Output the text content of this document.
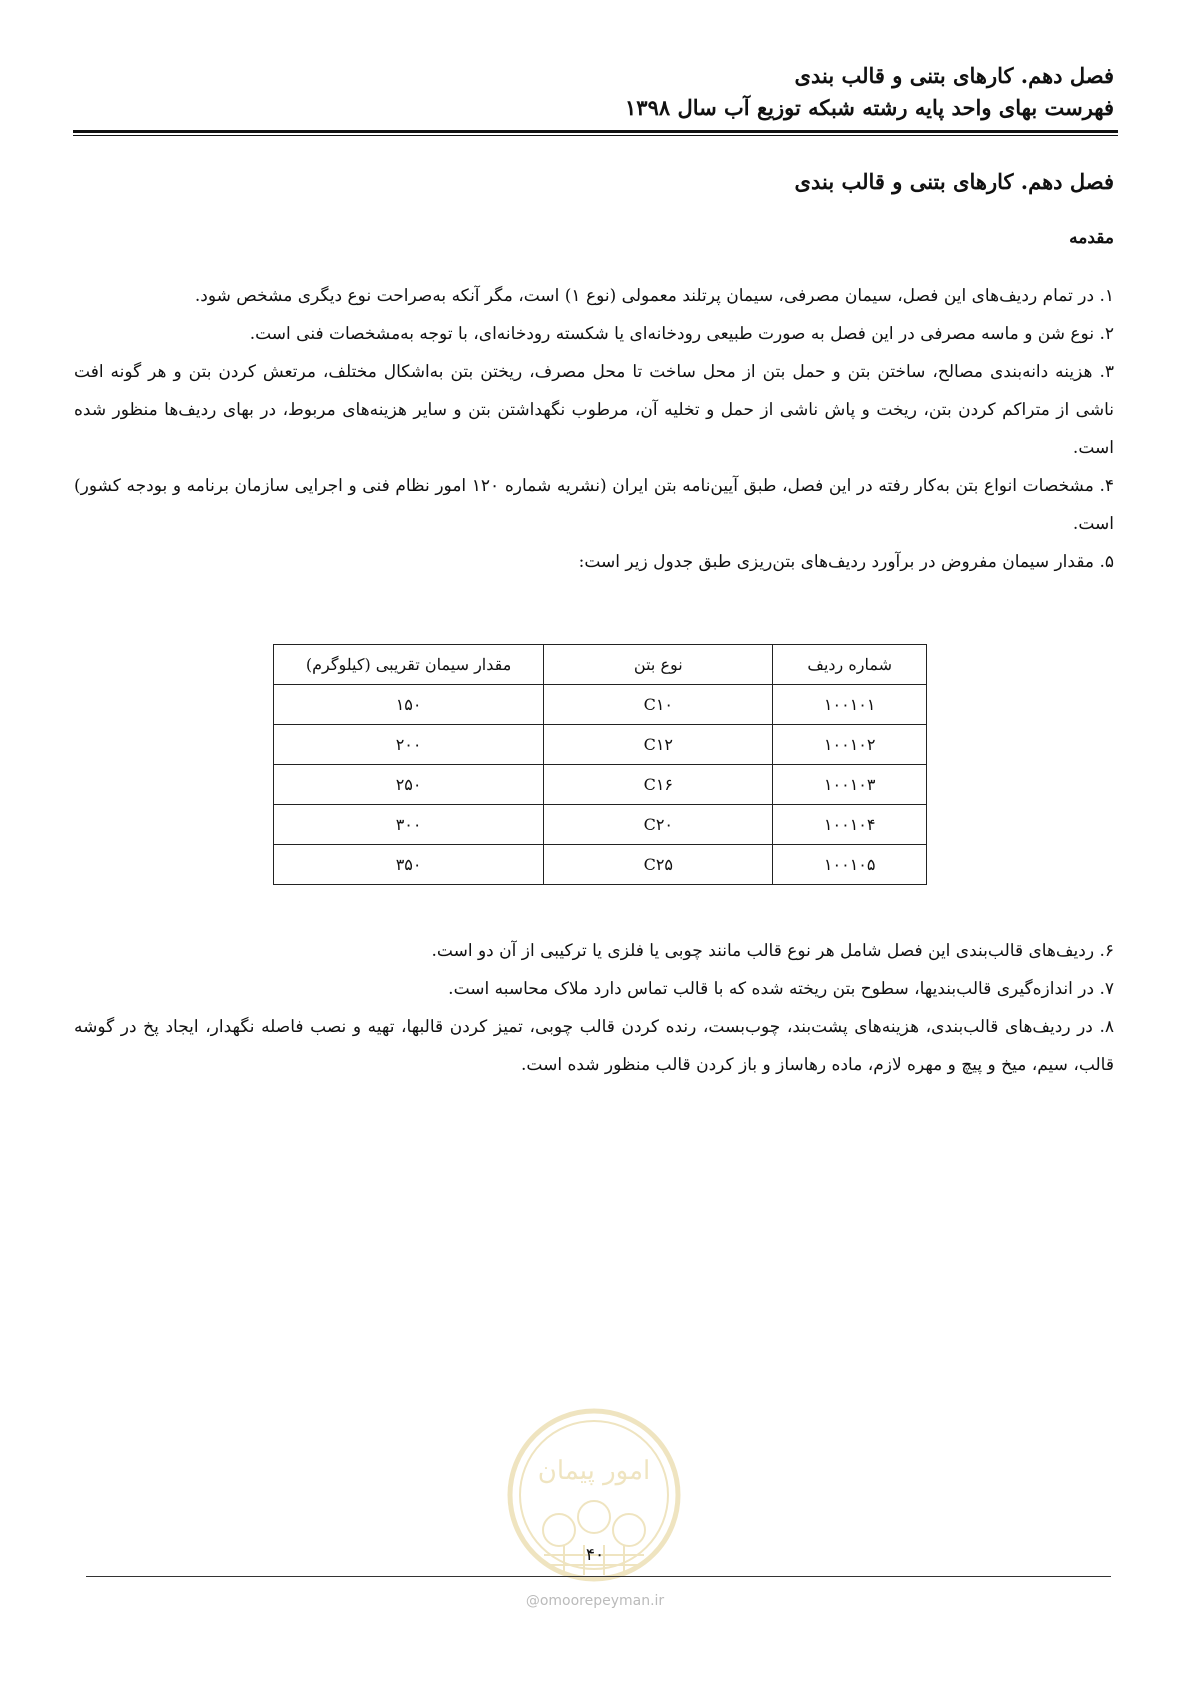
فصل دهم. کارهای بتنی و قالب بندی

فهرست بهای واحد پایه رشته شبکه توزیع آب سال ۱۳۹۸

فصل دهم. کارهای بتنی و قالب بندی

مقدمه

۱. در تمام ردیف‌های این فصل، سیمان مصرفی، سیمان پرتلند معمولی (نوع ۱) است، مگر آنکه به‌صراحت نوع دیگری مشخص شود.

۲. نوع شن و ماسه مصرفی در این فصل به صورت طبیعی رودخانه‌ای یا شکسته رودخانه‌ای، با توجه به‌مشخصات فنی است.

۳. هزینه دانه‌بندی مصالح، ساختن بتن و حمل بتن از محل ساخت تا محل مصرف، ریختن بتن به‌اشکال مختلف، مرتعش کردن بتن و هر گونه افت ناشی از متراکم کردن بتن، ریخت و پاش ناشی از حمل و تخلیه آن، مرطوب نگهداشتن بتن و سایر هزینه‌های مربوط، در بهای ردیف‌ها منظور شده است.

۴. مشخصات انواع بتن به‌کار رفته در این فصل، طبق آیین‌نامه بتن ایران (نشریه شماره ۱۲۰ امور نظام فنی و اجرایی سازمان برنامه و بودجه کشور) است.

۵. مقدار سیمان مفروض در برآورد ردیف‌های بتن‌ریزی طبق جدول زیر است:

شماره ردیف	نوع بتن	مقدار سیمان تقریبی (کیلوگرم)
۱۰۰۱۰۱	C۱۰	۱۵۰
۱۰۰۱۰۲	C۱۲	۲۰۰
۱۰۰۱۰۳	C۱۶	۲۵۰
۱۰۰۱۰۴	C۲۰	۳۰۰
۱۰۰۱۰۵	C۲۵	۳۵۰

۶. ردیف‌های قالب‌بندی این فصل شامل هر نوع قالب مانند چوبی یا فلزی یا ترکیبی از آن دو است.

۷. در اندازه‌گیری قالب‌بندیها، سطوح بتن ریخته شده که با قالب تماس دارد ملاک محاسبه است.

۸. در ردیف‌های قالب‌بندی، هزینه‌های پشت‌بند، چوب‌بست، رنده کردن قالب چوبی، تمیز کردن قالبها، تهیه و نصب فاصله نگهدار، ایجاد پخ در گوشه قالب، سیم، میخ و پیچ و مهره لازم، ماده رهاساز و باز کردن قالب منظور شده است.

امور پیمان
۴۰
@omoorepeyman.ir
